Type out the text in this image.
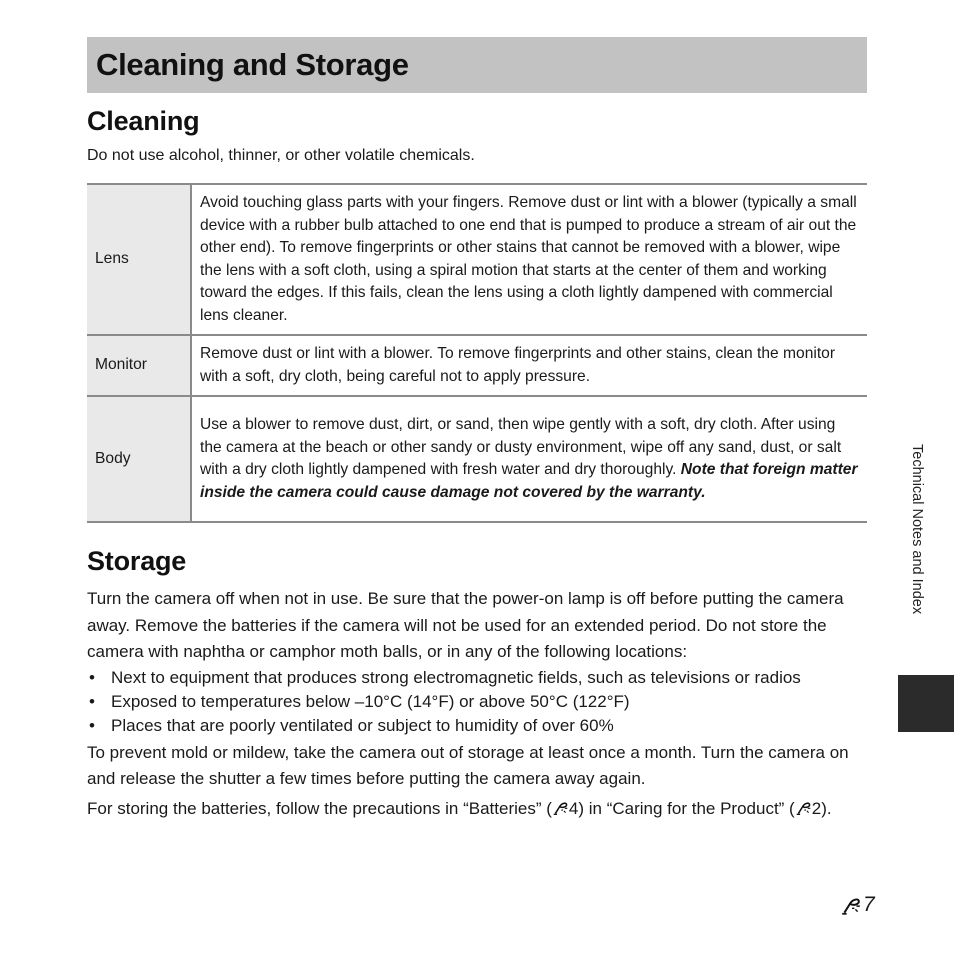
Cleaning and Storage
Cleaning

Do not use alcohol, thinner, or other volatile chemicals.

Lens	Avoid touching glass parts with your fingers. Remove dust or lint with a blower (typically a small device with a rubber bulb attached to one end that is pumped to produce a stream of air out the other end). To remove fingerprints or other stains that cannot be removed with a blower, wipe the lens with a soft cloth, using a spiral motion that starts at the center of them and working toward the edges. If this fails, clean the lens using a cloth lightly dampened with commercial lens cleaner.
Monitor	Remove dust or lint with a blower. To remove fingerprints and other stains, clean the monitor with a soft, dry cloth, being careful not to apply pressure.
Body	Use a blower to remove dust, dirt, or sand, then wipe gently with a soft, dry cloth. After using the camera at the beach or other sandy or dusty environment, wipe off any sand, dust, or salt with a dry cloth lightly dampened with fresh water and dry thoroughly. Note that foreign matter inside the camera could cause damage not covered by the warranty.
Storage

Turn the camera off when not in use. Be sure that the power-on lamp is off before putting the camera away. Remove the batteries if the camera will not be used for an extended period. Do not store the camera with naphtha or camphor moth balls, or in any of the following locations:

• Next to equipment that produces strong electromagnetic fields, such as televisions or radios
• Exposed to temperatures below –10°C (14°F) or above 50°C (122°F)
• Places that are poorly ventilated or subject to humidity of over 60%

To prevent mold or mildew, take the camera out of storage at least once a month. Turn the camera on and release the shutter a few times before putting the camera away again.

For storing the batteries, follow the precautions in “Batteries” ( 4) in “Caring for the Product” ( 2).

Technical Notes and Index
7
